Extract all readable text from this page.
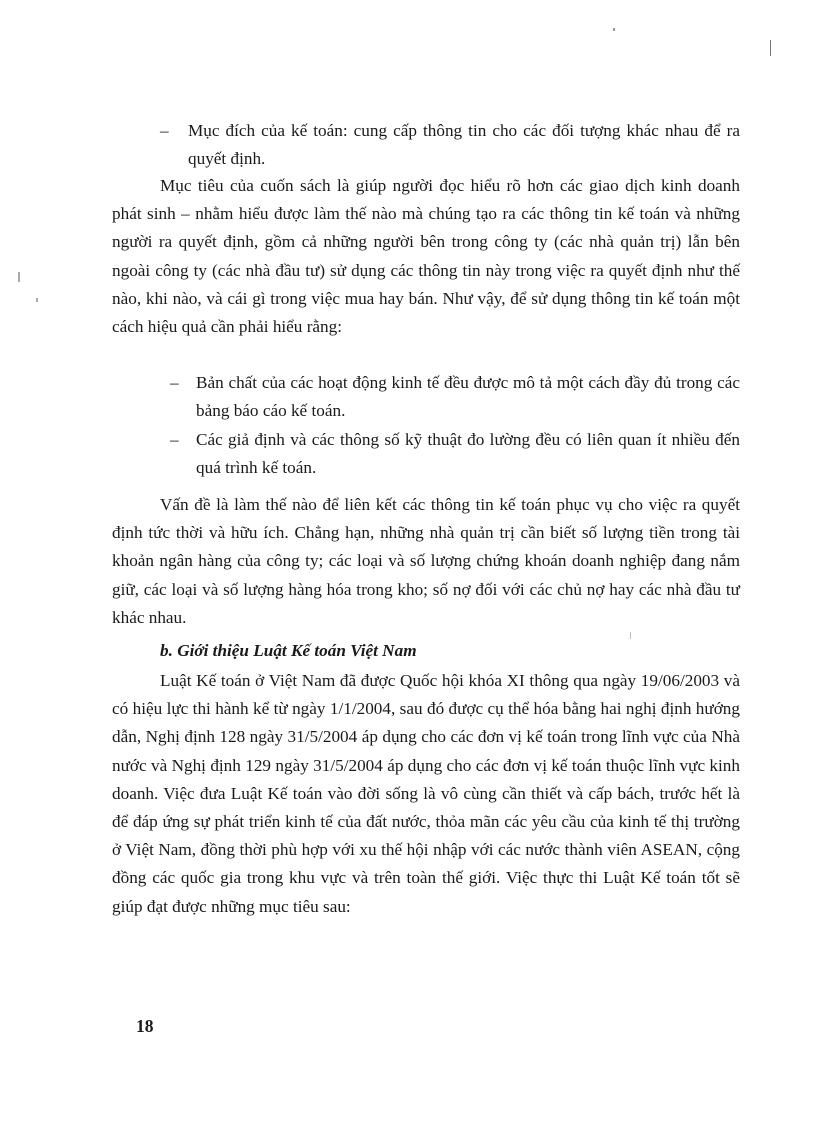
– Mục đích của kế toán: cung cấp thông tin cho các đối tượng khác nhau để ra quyết định.

Mục tiêu của cuốn sách là giúp người đọc hiểu rõ hơn các giao dịch kinh doanh phát sinh – nhằm hiểu được làm thế nào mà chúng tạo ra các thông tin kế toán và những người ra quyết định, gồm cả những người bên trong công ty (các nhà quản trị) lẫn bên ngoài công ty (các nhà đầu tư) sử dụng các thông tin này trong việc ra quyết định như thế nào, khi nào, và cái gì trong việc mua hay bán. Như vậy, để sử dụng thông tin kế toán một cách hiệu quả cần phải hiểu rằng:

– Bản chất của các hoạt động kinh tế đều được mô tả một cách đầy đủ trong các bảng báo cáo kế toán.
– Các giả định và các thông số kỹ thuật đo lường đều có liên quan ít nhiều đến quá trình kế toán.

Vấn đề là làm thế nào để liên kết các thông tin kế toán phục vụ cho việc ra quyết định tức thời và hữu ích. Chẳng hạn, những nhà quản trị cần biết số lượng tiền trong tài khoản ngân hàng của công ty; các loại và số lượng chứng khoán doanh nghiệp đang nắm giữ, các loại và số lượng hàng hóa trong kho; số nợ đối với các chủ nợ hay các nhà đầu tư khác nhau.

b. Giới thiệu Luật Kế toán Việt Nam

Luật Kế toán ở Việt Nam đã được Quốc hội khóa XI thông qua ngày 19/06/2003 và có hiệu lực thi hành kể từ ngày 1/1/2004, sau đó được cụ thể hóa bằng hai nghị định hướng dẫn, Nghị định 128 ngày 31/5/2004 áp dụng cho các đơn vị kế toán trong lĩnh vực của Nhà nước và Nghị định 129 ngày 31/5/2004 áp dụng cho các đơn vị kế toán thuộc lĩnh vực kinh doanh. Việc đưa Luật Kế toán vào đời sống là vô cùng cần thiết và cấp bách, trước hết là để đáp ứng sự phát triển kinh tế của đất nước, thỏa mãn các yêu cầu của kinh tế thị trường ở Việt Nam, đồng thời phù hợp với xu thế hội nhập với các nước thành viên ASEAN, cộng đồng các quốc gia trong khu vực và trên toàn thế giới. Việc thực thi Luật Kế toán tốt sẽ giúp đạt được những mục tiêu sau:

18
